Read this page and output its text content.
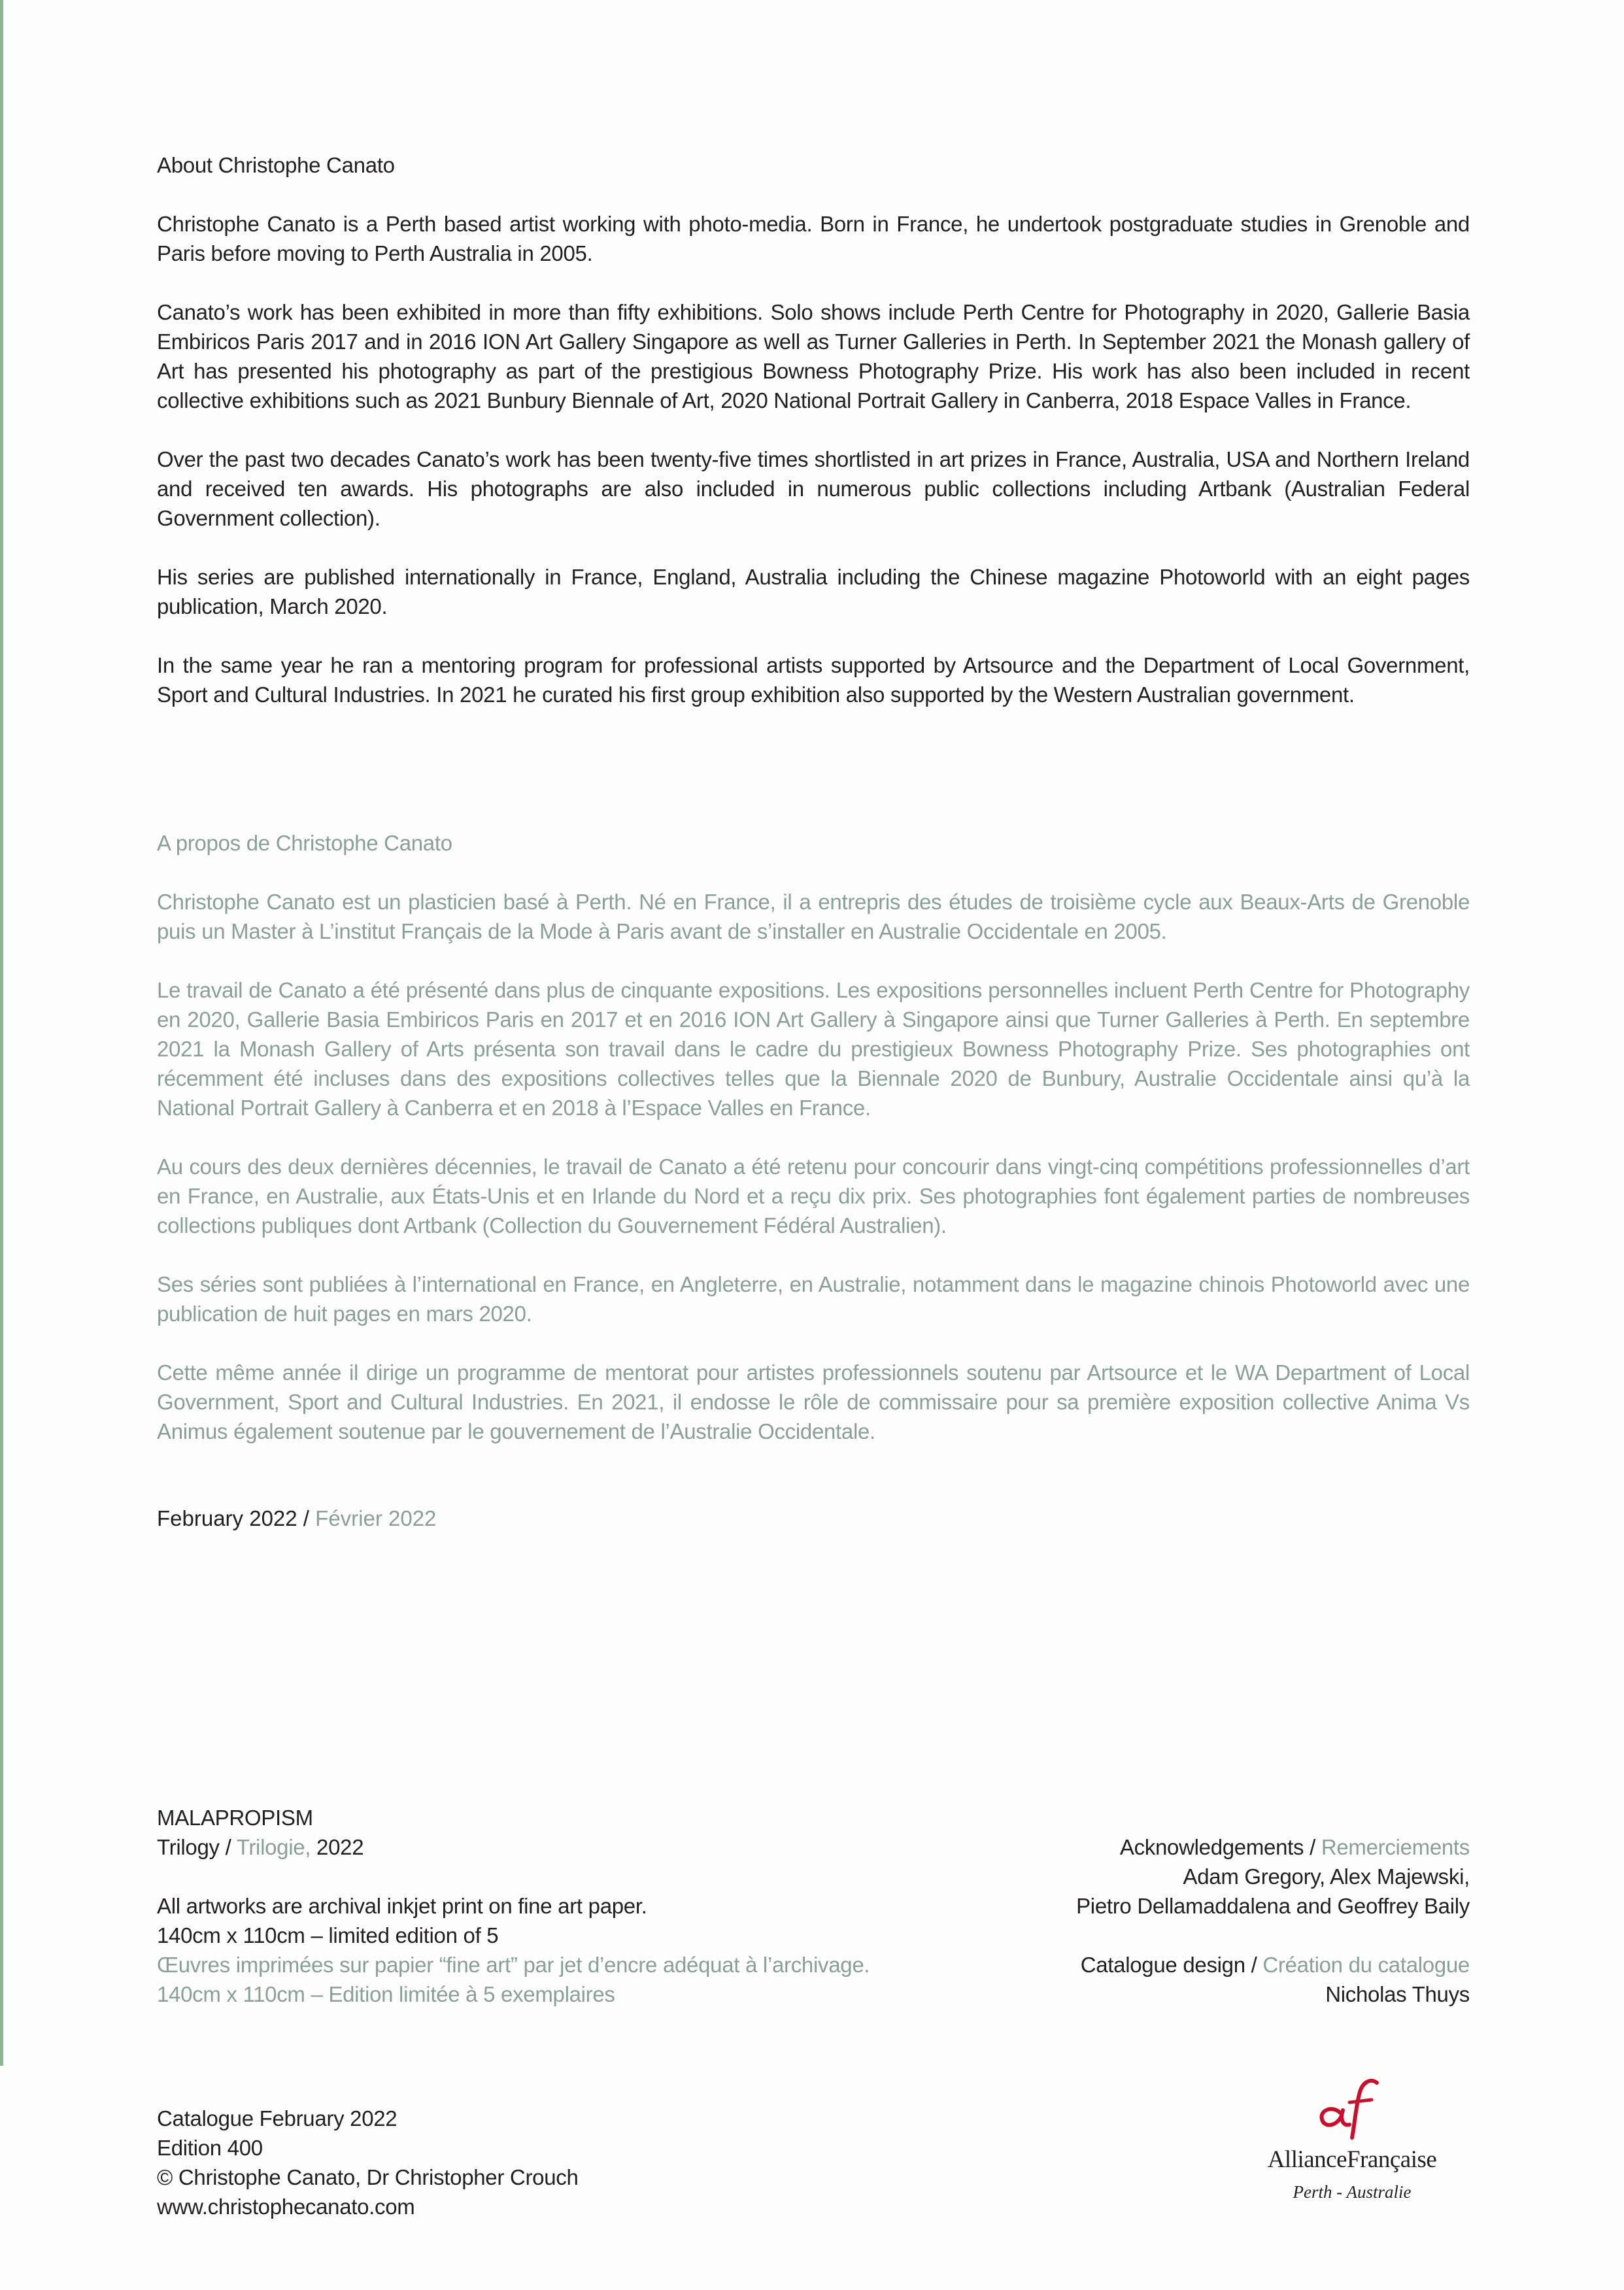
About Christophe Canato

Christophe Canato is a Perth based artist working with photo-media. Born in France, he undertook postgraduate studies in Grenoble and Paris before moving to Perth Australia in 2005.

Canato’s work has been exhibited in more than fifty exhibitions. Solo shows include Perth Centre for Photography in 2020, Gallerie Basia Embiricos Paris 2017 and in 2016 ION Art Gallery Singapore as well as Turner Galleries in Perth. In September 2021 the Monash gallery of Art has presented his photography as part of the prestigious Bowness Photography Prize. His work has also been included in recent collective exhibitions such as 2021 Bunbury Biennale of Art, 2020 National Portrait Gallery in Canberra, 2018 Espace Valles in France.

Over the past two decades Canato’s work has been twenty-five times shortlisted in art prizes in France, Australia, USA and Northern Ireland and received ten awards. His photographs are also included in numerous public collections including Artbank (Australian Federal Government collection).

His series are published internationally in France, England, Australia including the Chinese magazine Photoworld with an eight pages publication, March 2020.

In the same year he ran a mentoring program for professional artists supported by Artsource and the Department of Local Government, Sport and Cultural Industries. In 2021 he curated his first group exhibition also supported by the Western Australian government.

A propos de Christophe Canato

Christophe Canato est un plasticien basé à Perth. Né en France, il a entrepris des études de troisième cycle aux Beaux-Arts de Grenoble puis un Master à L’institut Français de la Mode à Paris avant de s’installer en Australie Occidentale en 2005.

Le travail de Canato a été présenté dans plus de cinquante expositions. Les expositions personnelles incluent Perth Centre for Photography en 2020, Gallerie Basia Embiricos Paris en 2017 et en 2016 ION Art Gallery à Singapore ainsi que Turner Galleries à Perth. En septembre 2021 la Monash Gallery of Arts présenta son travail dans le cadre du prestigieux Bowness Photography Prize. Ses photographies ont récemment été incluses dans des expositions collectives telles que la Biennale 2020 de Bunbury, Australie Occidentale ainsi qu’à la National Portrait Gallery à Canberra et en 2018 à l’Espace Valles en France.

Au cours des deux dernières décennies, le travail de Canato a été retenu pour concourir dans vingt-cinq compétitions professionnelles d’art en France, en Australie, aux États-Unis et en Irlande du Nord et a reçu dix prix. Ses photographies font également parties de nombreuses collections publiques dont Artbank (Collection du Gouvernement Fédéral Australien).

Ses séries sont publiées à l’international en France, en Angleterre, en Australie, notamment dans le magazine chinois Photoworld avec une publication de huit pages en mars 2020.

Cette même année il dirige un programme de mentorat pour artistes professionnels soutenu par Artsource et le WA Department of Local Government, Sport and Cultural Industries. En 2021, il endosse le rôle de commissaire pour sa première exposition collective Anima Vs Animus également soutenue par le gouvernement de l’Australie Occidentale.

February 2022 / Février 2022

MALAPROPISM

Trilogy / Trilogie, 2022

All artworks are archival inkjet print on fine art paper.

140cm x 110cm – limited edition of 5

Œuvres imprimées sur papier “fine art” par jet d’encre adéquat à l’archivage.

140cm x 110cm – Edition limitée à 5 exemplaires

Acknowledgements / Remerciements

Adam Gregory, Alex Majewski,

Pietro Dellamaddalena and Geoffrey Baily

Catalogue design / Création du catalogue

Nicholas Thuys

Catalogue February 2022

Edition 400

© Christophe Canato, Dr Christopher Crouch

www.christophecanato.com

af
AllianceFrançaise
Perth - Australie
